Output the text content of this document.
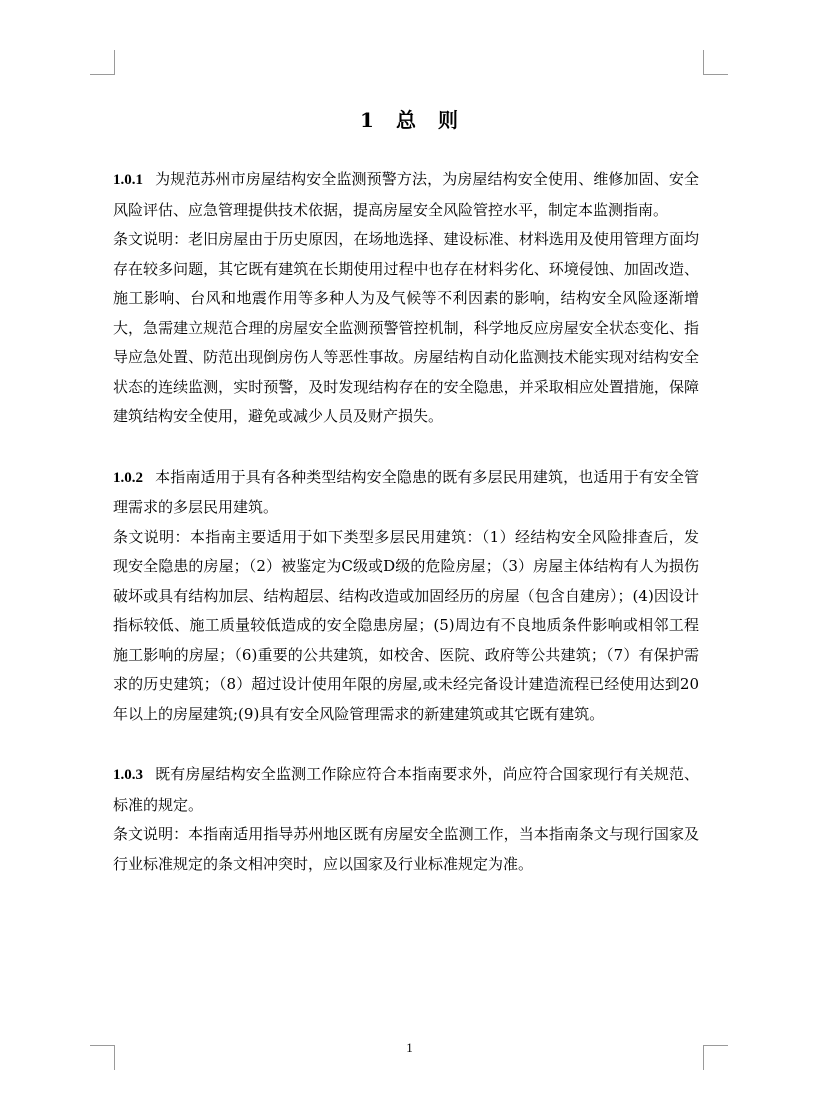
1　总　则

1.0.1 为规范苏州市房屋结构安全监测预警方法，为房屋结构安全使用、维修加固、安全风险评估、应急管理提供技术依据，提高房屋安全风险管控水平，制定本监测指南。

条文说明：老旧房屋由于历史原因，在场地选择、建设标准、材料选用及使用管理方面均存在较多问题，其它既有建筑在长期使用过程中也存在材料劣化、环境侵蚀、加固改造、施工影响、台风和地震作用等多种人为及气候等不利因素的影响，结构安全风险逐渐增大，急需建立规范合理的房屋安全监测预警管控机制，科学地反应房屋安全状态变化、指导应急处置、防范出现倒房伤人等恶性事故。房屋结构自动化监测技术能实现对结构安全状态的连续监测，实时预警，及时发现结构存在的安全隐患，并采取相应处置措施，保障建筑结构安全使用，避免或减少人员及财产损失。

1.0.2 本指南适用于具有各种类型结构安全隐患的既有多层民用建筑，也适用于有安全管理需求的多层民用建筑。

条文说明：本指南主要适用于如下类型多层民用建筑：（1）经结构安全风险排查后，发现安全隐患的房屋；（2）被鉴定为C级或D级的危险房屋；（3）房屋主体结构有人为损伤破坏或具有结构加层、结构超层、结构改造或加固经历的房屋（包含自建房）；(4)因设计指标较低、施工质量较低造成的安全隐患房屋；(5)周边有不良地质条件影响或相邻工程施工影响的房屋；（6)重要的公共建筑，如校舍、医院、政府等公共建筑；（7）有保护需求的历史建筑；（8）超过设计使用年限的房屋,或未经完备设计建造流程已经使用达到20年以上的房屋建筑;(9)具有安全风险管理需求的新建建筑或其它既有建筑。

1.0.3 既有房屋结构安全监测工作除应符合本指南要求外，尚应符合国家现行有关规范、标准的规定。

条文说明：本指南适用指导苏州地区既有房屋安全监测工作，当本指南条文与现行国家及行业标准规定的条文相冲突时，应以国家及行业标准规定为准。

1
